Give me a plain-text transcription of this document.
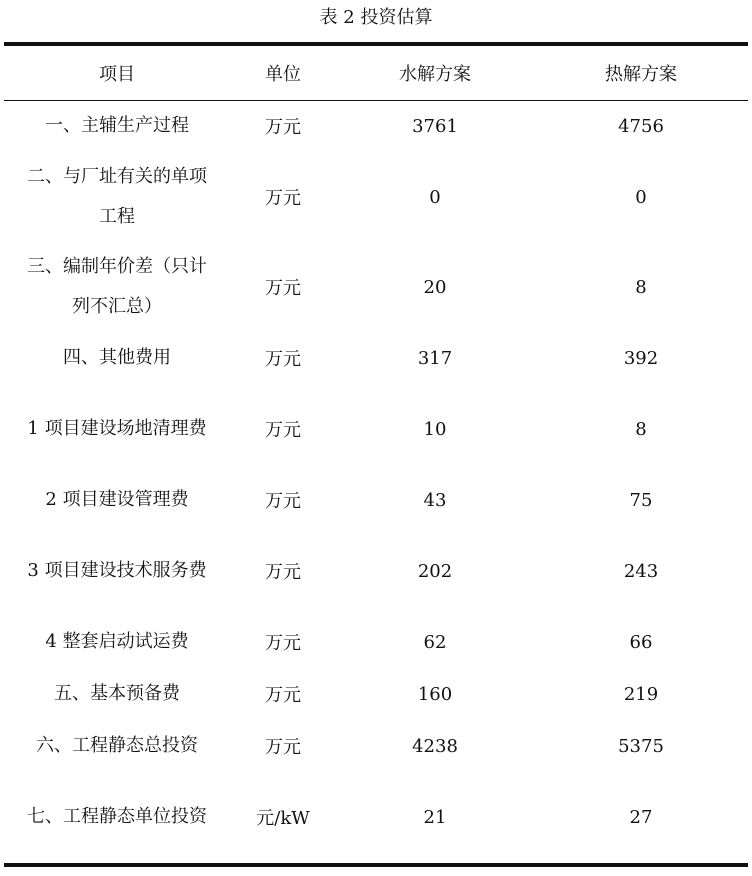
表 2 投资估算
项目	单位	水解方案	热解方案
一、主辅生产过程	万元	3761	4756
二、与厂址有关的单项工程	万元	0	0
三、编制年价差（只计列不汇总）	万元	20	8
四、其他费用	万元	317	392
1 项目建设场地清理费	万元	10	8
2 项目建设管理费	万元	43	75
3 项目建设技术服务费	万元	202	243
4 整套启动试运费	万元	62	66
五、基本预备费	万元	160	219
六、工程静态总投资	万元	4238	5375
七、工程静态单位投资	元/kW	21	27
